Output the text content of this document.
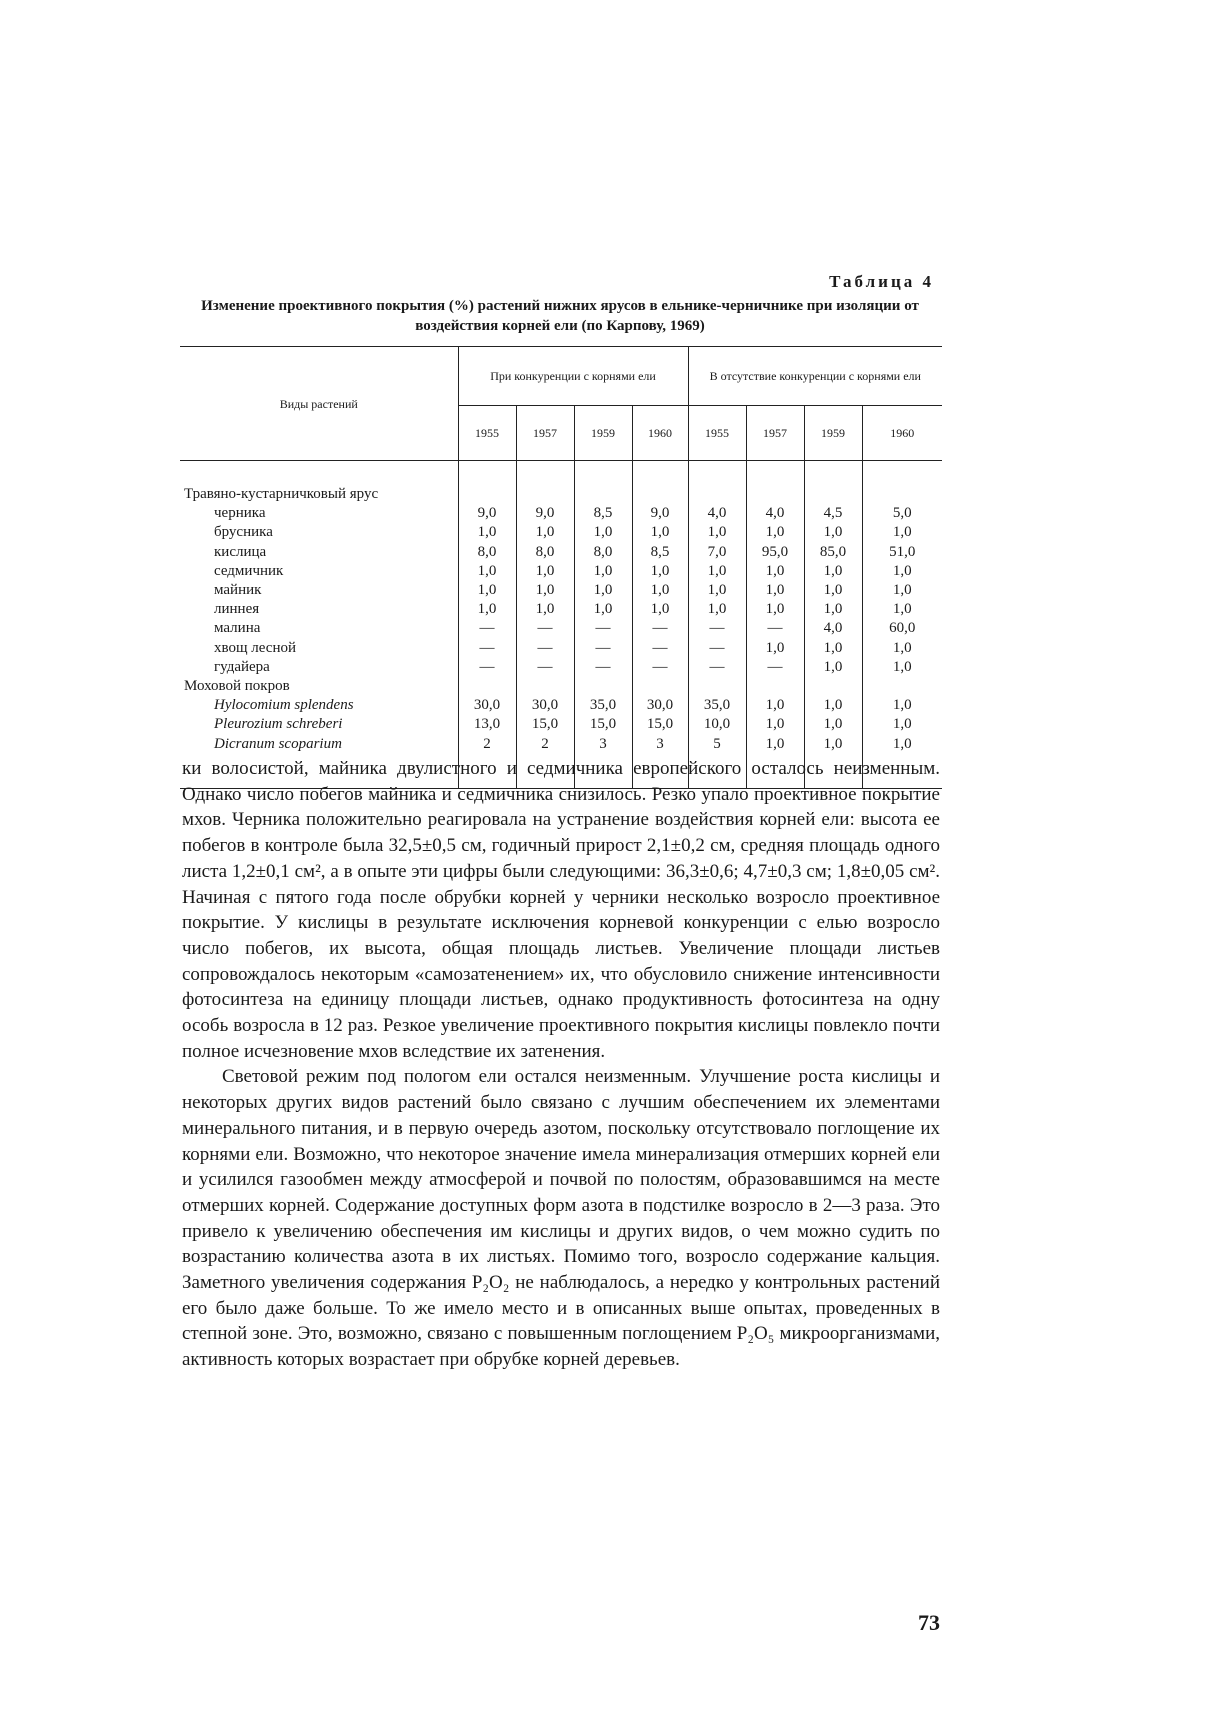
Таблица 4
Изменение проективного покрытия (%) растений нижних ярусов в ельнике-черничнике при изоляции от воздействия корней ели (по Карпову, 1969)
Виды растений	При конкуренции с корнями ели				В отсутствие конкуренции с корнями ели			
	1955	1957	1959	1960	1955	1957	1959	1960

Травяно-кустарничковый ярус								
черника	9,0	9,0	8,5	9,0	4,0	4,0	4,5	5,0
брусника	1,0	1,0	1,0	1,0	1,0	1,0	1,0	1,0
кислица	8,0	8,0	8,0	8,5	7,0	95,0	85,0	51,0
седмичник	1,0	1,0	1,0	1,0	1,0	1,0	1,0	1,0
майник	1,0	1,0	1,0	1,0	1,0	1,0	1,0	1,0
линнея	1,0	1,0	1,0	1,0	1,0	1,0	1,0	1,0
малина	—	—	—	—	—	—	4,0	60,0
хвощ лесной	—	—	—	—	—	1,0	1,0	1,0
гудайера	—	—	—	—	—	—	1,0	1,0
Моховой покров								
Hylocomium splendens	30,0	30,0	35,0	30,0	35,0	1,0	1,0	1,0
Pleurozium schreberi	13,0	15,0	15,0	15,0	10,0	1,0	1,0	1,0
Dicranum scoparium	2	2	3	3	5	1,0	1,0	1,0

ки волосистой, майника двулистного и седмичника европейского осталось неизменным. Однако число побегов майника и седмичника снизилось. Резко упало проективное покрытие мхов. Черника положительно реагировала на устранение воздействия корней ели: высота ее побегов в контроле была 32,5±0,5 см, годичный прирост 2,1±0,2 см, средняя площадь одного листа 1,2±0,1 см², а в опыте эти цифры были следующими: 36,3±0,6; 4,7±0,3 см; 1,8±0,05 см². Начиная с пятого года после обрубки корней у черники несколько возросло проективное покрытие. У кислицы в результате исключения корневой конкуренции с елью возросло число побегов, их высота, общая площадь листьев. Увеличение площади листьев сопровождалось некоторым «самозатенением» их, что обусловило снижение интенсивности фотосинтеза на единицу площади листьев, однако продуктивность фотосинтеза на одну особь возросла в 12 раз. Резкое увеличение проективного покрытия кислицы повлекло почти полное исчезновение мхов вследствие их затенения.

Световой режим под пологом ели остался неизменным. Улучшение роста кислицы и некоторых других видов растений было связано с лучшим обеспечением их элементами минерального питания, и в первую очередь азотом, поскольку отсутствовало поглощение их корнями ели. Возможно, что некоторое значение имела минерализация отмерших корней ели и усилился газообмен между атмосферой и почвой по полостям, образовавшимся на месте отмерших корней. Содержание доступных форм азота в подстилке возросло в 2—3 раза. Это привело к увеличению обеспечения им кислицы и других видов, о чем можно судить по возрастанию количества азота в их листьях. Помимо того, возросло содержание кальция. Заметного увеличения содержания P₂O₂ не наблюдалось, а нередко у контрольных растений его было даже больше. То же имело место и в описанных выше опытах, проведенных в степной зоне. Это, возможно, связано с повышенным поглощением P₂O₅ микроорганизмами, активность которых возрастает при обрубке корней деревьев.

73
